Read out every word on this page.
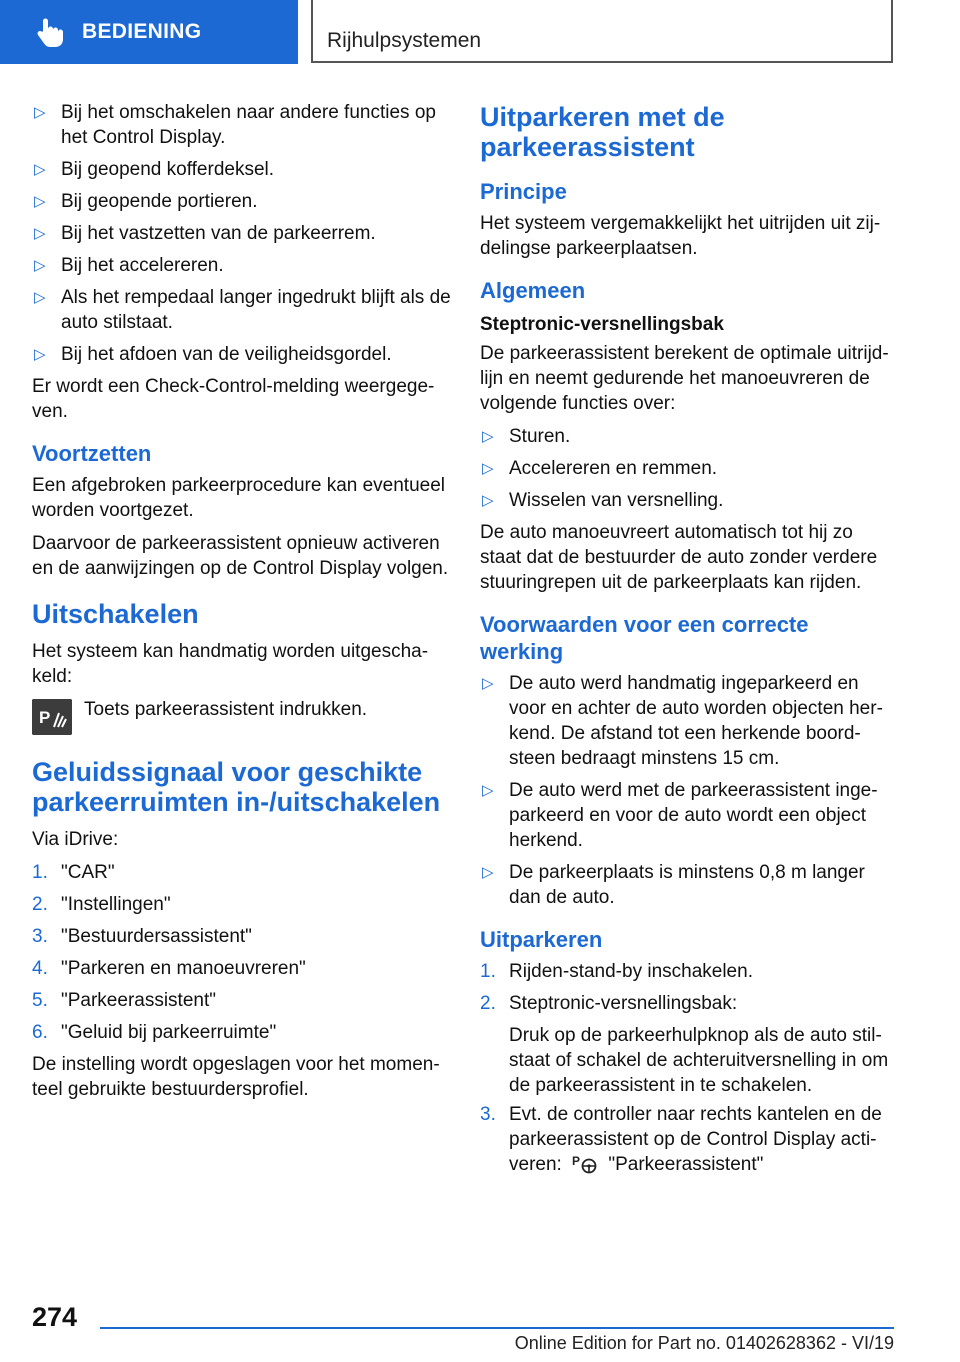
BEDIENING	Rijhulpsystemen
▷ Bij het omschakelen naar andere functies op het Control Display.
▷ Bij geopend kofferdeksel.
▷ Bij geopende portieren.
▷ Bij het vastzetten van de parkeerrem.
▷ Bij het accelereren.
▷ Als het rempedaal langer ingedrukt blijft als de auto stilstaat.
▷ Bij het afdoen van de veiligheidsgordel.

Er wordt een Check-Control-melding weergege‐ven.

Voortzetten

Een afgebroken parkeerprocedure kan eventueel worden voortgezet.

Daarvoor de parkeerassistent opnieuw activeren en de aanwijzingen op de Control Display volgen.

Uitschakelen

Het systeem kan handmatig worden uitgescha‐keld:

P Toets parkeerassistent indrukken.
Geluidssignaal voor geschikte parkeerruimten in-/uitschakelen

Via iDrive:

1. "CAR"
2. "Instellingen"
3. "Bestuurdersassistent"
4. "Parkeren en manoeuvreren"
5. "Parkeerassistent"
6. "Geluid bij parkeerruimte"

De instelling wordt opgeslagen voor het momen‐teel gebruikte bestuurdersprofiel.

Uitparkeren met de parkeerassistent
Principe

Het systeem vergemakkelijkt het uitrijden uit zij‐delingse parkeerplaatsen.

Algemeen
Steptronic-versnellingsbak

De parkeerassistent berekent de optimale uitrijd‐lijn en neemt gedurende het manoeuvreren de volgende functies over:

▷ Sturen.
▷ Accelereren en remmen.
▷ Wisselen van versnelling.

De auto manoeuvreert automatisch tot hij zo staat dat de bestuurder de auto zonder verdere stuuringrepen uit de parkeerplaats kan rijden.

Voorwaarden voor een correcte werking
▷ De auto werd handmatig ingeparkeerd en voor en achter de auto worden objecten her‐kend. De afstand tot een herkende boord‐steen bedraagt minstens 15 cm.
▷ De auto werd met de parkeerassistent inge‐parkeerd en voor de auto wordt een object herkend.
▷ De parkeerplaats is minstens 0,8 m langer dan de auto.
Uitparkeren
1. Rijden-stand-by inschakelen.
2. Steptronic-versnellingsbak:

Druk op de parkeerhulpknop als de auto stil‐staat of schakel de achteruitversnelling in om de parkeerassistent in te schakelen.

3. Evt. de controller naar rechts kantelen en de parkeerassistent op de Control Display acti‐veren: P "Parkeerassistent"
274
Online Edition for Part no. 01402628362 - VI/19
